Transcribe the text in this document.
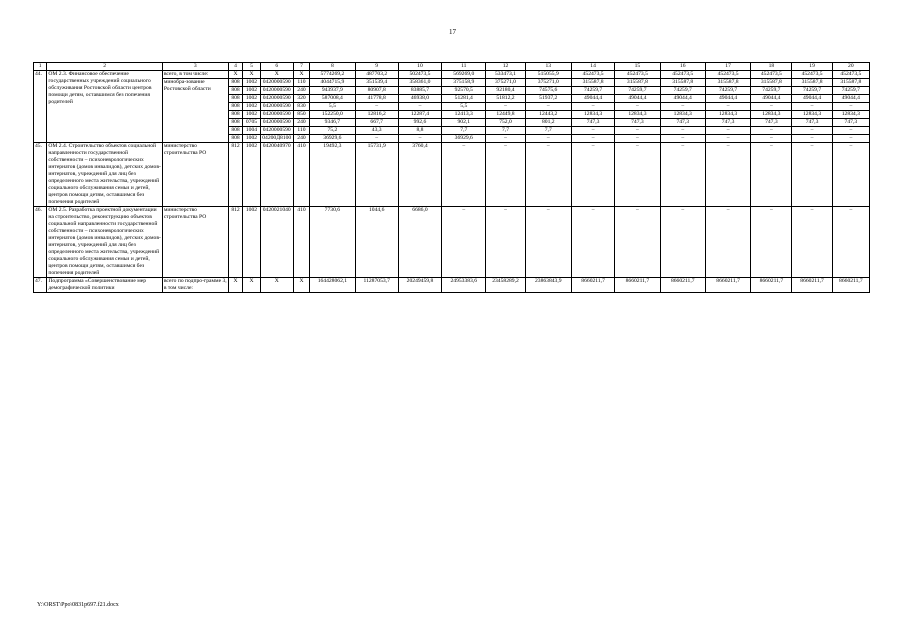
17
1	2	3	4	5	6	7	8	9	10	11	12	13	14	15	16	17	18	19	20
44.	ОМ 2.3. Финансовое обеспечение государственных учреждений социального обслуживания Ростовской области центров помощи детям, оставшимся без попечения родителей	всего, в том числе:	X	X	X	X	5774269,2	487703,2	502473,5	569269,0	533473,1	515055,9	452473,5	452473,5	452473,5	452473,5	452473,5	452473,5	452473,5
		минобра-зование Ростовской области	808	1002	0420000590	110	4044715,9	351539,4	358361,0	375158,9	375271,0	375271,0	315587,8	315587,8	315587,8	315587,8	315587,8	315587,8	315587,8
			808	1002	0420000590	240	943937,9	80907,8	83885,7	92570,5	92180,4	74575,6	74259,7	74259,7	74259,7	74259,7	74259,7	74259,7	74259,7
			808	1002	0420000590	320	587008,4	41778,8	46938,0	51281,4	51812,2	51937,2	49044,4	49044,4	49044,4	49044,4	49044,4	49044,4	49044,4
			808	1002	0420000590	830	5,5	–	–	5,5	–	–	–	–	–	–	–	–	–
			808	1002	0420000590	850	152250,0	12816,2	12287,4	12413,3	12449,8	12443,2	12834,3	12834,3	12834,3	12834,3	12834,3	12834,3	12834,3
			808	0705	0420000590	240	9346,7	667,7	992,6	902,1	752,0	801,2	747,3	747,3	747,3	747,3	747,3	747,3	747,3
			808	1004	0420000590	110	75,2	43,3	8,8	7,7	7,7	7,7	–	–	–	–	–	–	–
			808	1002	04200Д8100	240	36929,6	–	–	36929,6	–	–	–	–	–	–	–	–	–
45.	ОМ 2.4. Строительство объектов социальной направленности государственной собственности – психоневрологических интернатов (домов инвалидов), детских домов-интернатов, учреждений для лиц без определенного места жительства, учреждений социального обслуживания семьи и детей, центров помощи детям, оставшимся без попечения родителей	министерство строительства РО	812	1002	0420040970	410	19492,3	15731,9	3760,4	–	–	–	–	–	–	–	–	–	–
46.	ОМ 2.5. Разработка проектной документации на строительство, реконструкцию объектов социальной направленности государственной собственности – психоневрологических интернатов (домов инвалидов), детских домов-интернатов, учреждений для лиц без определенного места жительства, учреждений социального обслуживания семьи и детей, центров помощи детям, оставшимся без попечения родителей	министерство строительства РО	812	1002	0420021040	410	7730,6	1044,6	6686,0	–	–	–	–	–	–	–	–	–	–
47.	Подпрограмма «Совершенствование мер демографической политики	всего по подпро-грамме 3, в том числе:	X	X	X	X	164428062,1	11287053,7	20249459,8	24953383,6	23458289,2	23863843,9	8660211,7	8660211,7	8660211,7	8660211,7	8660211,7	8660211,7	8660211,7
Y:\ORST\Ppo\0831p697.f21.docx
